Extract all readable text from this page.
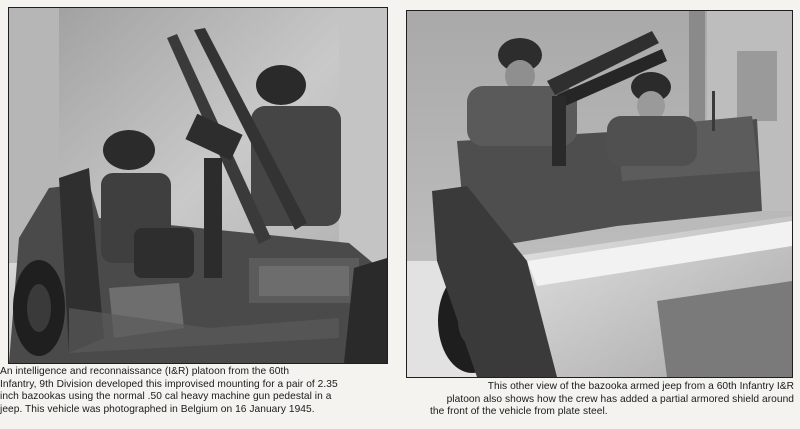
An intelligence and reconnaissance (I&R) platoon from the 60th
Infantry, 9th Division developed this improvised mounting for a pair of 2.35
inch bazookas using the normal .50 cal heavy machine gun pedestal in a
jeep. This vehicle was photographed in Belgium on 16 January 1945.
This other view of the bazooka armed jeep from a 60th Infantry I&R
platoon also shows how the crew has added a partial armored shield around
the front of the vehicle from plate steel.
